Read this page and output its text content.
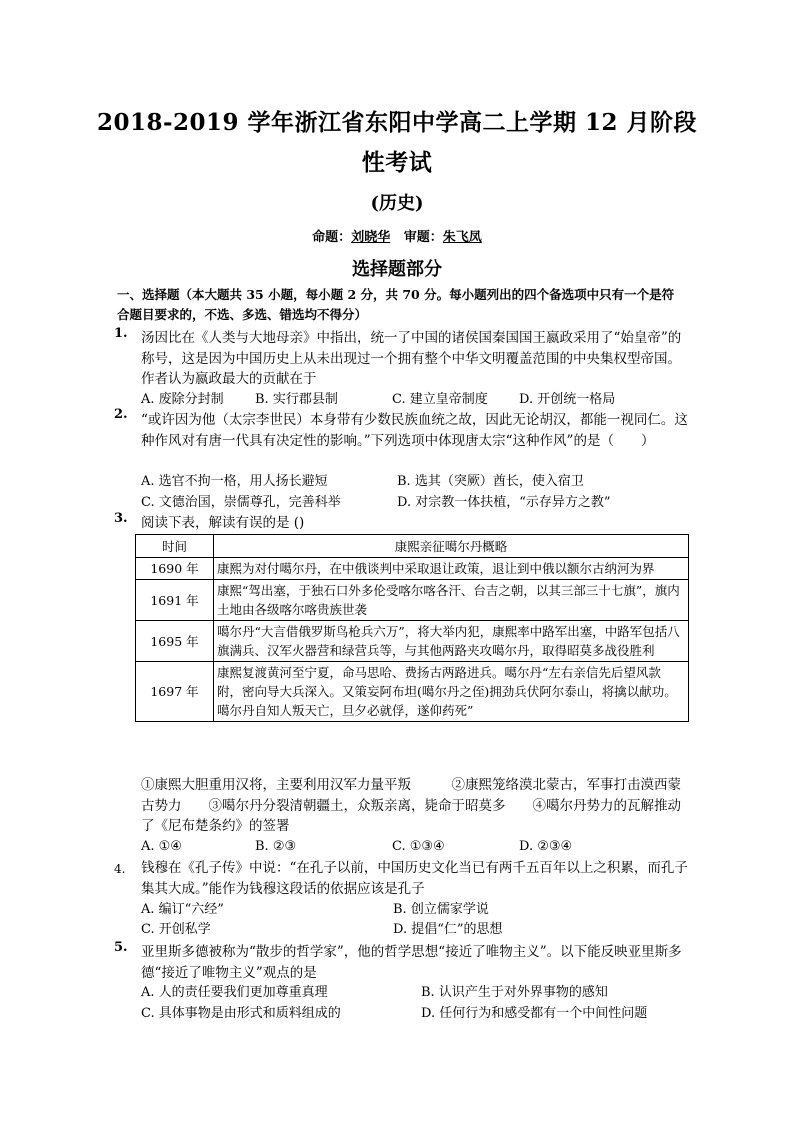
2018-2019 学年浙江省东阳中学高二上学期 12 月阶段
性考试
(历史)
命题：刘晓华 审题：朱飞凤
选择题部分
一、选择题（本大题共 35 小题，每小题 2 分，共 70 分。每小题列出的四个备选项中只有一个是符合题目要求的，不选、多选、错选均不得分）
1. 汤因比在《人类与大地母亲》中指出，统一了中国的诸侯国秦国国王嬴政采用了“始皇帝”的称号，这是因为中国历史上从未出现过一个拥有整个中华文明覆盖范围的中央集权型帝国。作者认为嬴政最大的贡献在于
A. 废除分封制 B. 实行郡县制	C. 建立皇帝制度 D. 开创统一格局
2. “或许因为他（太宗李世民）本身带有少数民族血统之故，因此无论胡汉，都能一视同仁。这种作风对有唐一代具有决定性的影响。”下列选项中体现唐太宗“这种作风”的是（　　）
A. 选官不拘一格，用人扬长避短	B. 选其（突厥）酋长，使入宿卫
C. 文德治国，崇儒尊孔，完善科举	D. 对宗教一体扶植，“示存异方之教”
3. 阅读下表，解读有误的是 ()
时间	康熙亲征噶尔丹概略
1690 年	康熙为对付噶尔丹，在中俄谈判中采取退让政策，退让到中俄以额尔古纳河为界
1691 年	康熙“驾出塞，于独石口外多伦受喀尔喀各汗、台吉之朝，以其三部三十七旗”，旗内土地由各级喀尔喀贵族世袭
1695 年	噶尔丹“大言借俄罗斯鸟枪兵六万”，将大举内犯，康熙率中路军出塞，中路军包括八旗满兵、汉军火器营和绿营兵等，与其他两路夹攻噶尔丹，取得昭莫多战役胜利
1697 年	康熙复渡黄河至宁夏，命马思哈、费扬古两路进兵。噶尔丹“左右亲信先后望风款附，密向导大兵深入。又策妄阿布坦(噶尔丹之侄)拥劲兵伏阿尔泰山，将擒以献功。噶尔丹自知人叛天亡，旦夕必就俘，遂仰药死”
①康熙大胆重用汉将，主要利用汉军力量平叛　　　②康熙笼络漠北蒙古，军事打击漠西蒙古势力　　③噶尔丹分裂清朝疆土，众叛亲离，毙命于昭莫多　　④噶尔丹势力的瓦解推动了《尼布楚条约》的签署
A. ①④	B. ②③	C. ①③④	D. ②③④
4. 钱穆在《孔子传》中说：“在孔子以前，中国历史文化当已有两千五百年以上之积累，而孔子集其大成。”能作为钱穆这段话的依据应该是孔子
A. 编订“六经”	B. 创立儒家学说
C. 开创私学	D. 提倡“仁”的思想
5. 亚里斯多德被称为“散步的哲学家”，他的哲学思想“接近了唯物主义”。以下能反映亚里斯多德“接近了唯物主义”观点的是
A. 人的责任要我们更加尊重真理	B. 认识产生于对外界事物的感知
C. 具体事物是由形式和质料组成的	D. 任何行为和感受都有一个中间性问题
